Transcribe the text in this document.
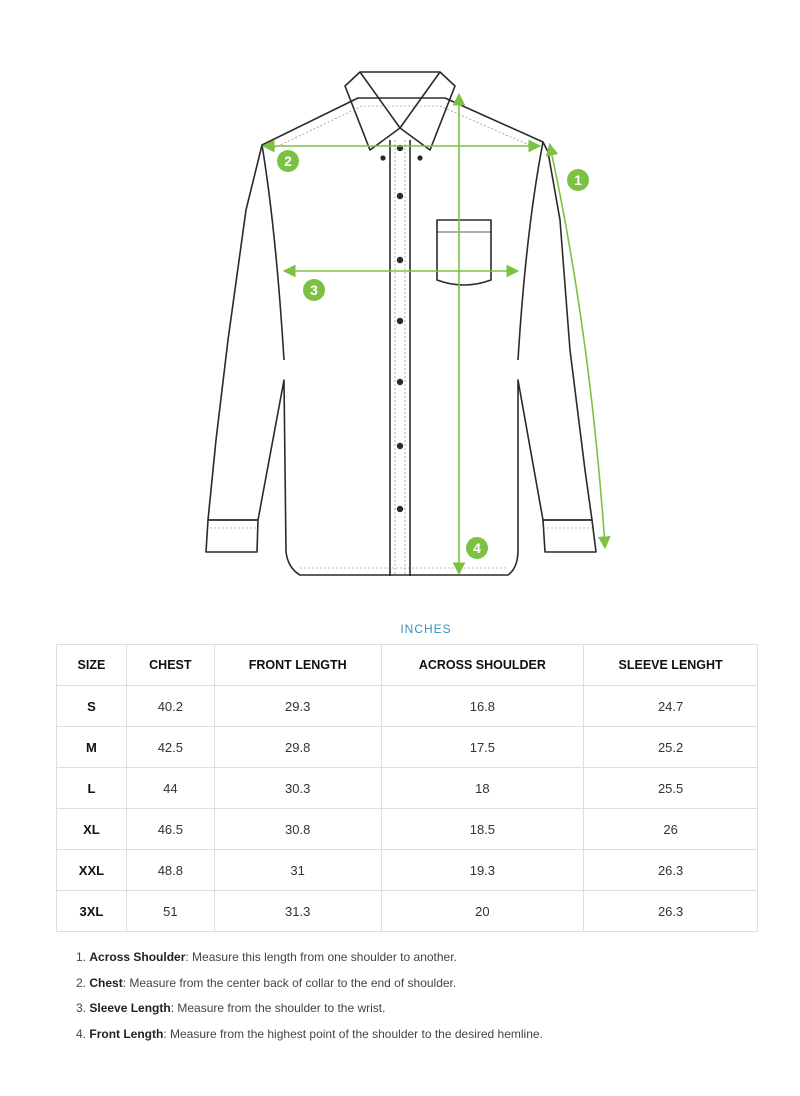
1
2
3
4
INCHES
SIZE	CHEST	FRONT LENGTH	ACROSS SHOULDER	SLEEVE LENGHT
S	40.2	29.3	16.8	24.7
M	42.5	29.8	17.5	25.2
L	44	30.3	18	25.5
XL	46.5	30.8	18.5	26
XXL	48.8	31	19.3	26.3
3XL	51	31.3	20	26.3
1. Across Shoulder: Measure this length from one shoulder to another.
2. Chest: Measure from the center back of collar to the end of shoulder.
3. Sleeve Length: Measure from the shoulder to the wrist.
4. Front Length: Measure from the highest point of the shoulder to the desired hemline.
